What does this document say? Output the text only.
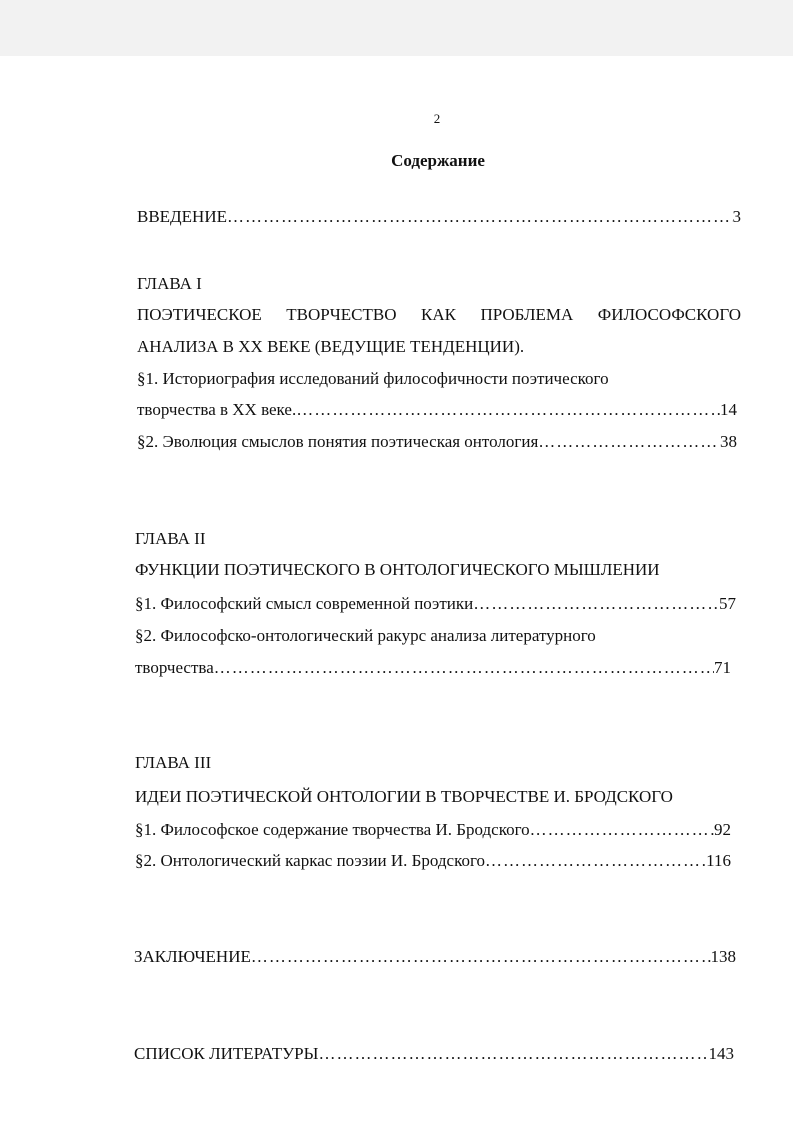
2
Содержание
ВВЕДЕНИЕ …………………………………………………………………………………………………………………………………………………………………………	3
ГЛАВА I
ПОЭТИЧЕСКОЕ ТВОРЧЕСТВО КАК ПРОБЛЕМА ФИЛОСОФСКОГО
АНАЛИЗА В XX ВЕКЕ (ВЕДУЩИЕ ТЕНДЕНЦИИ).
§1. Историография исследований философичности поэтического
творчества в XX веке. …………………………………………………………………………………………………………………………………………………………………………	14
§2. Эволюция смыслов понятия поэтическая онтология …………………………………………………………………………………………………………………………………………………………………………	38
ГЛАВА II
ФУНКЦИИ ПОЭТИЧЕСКОГО В ОНТОЛОГИЧЕСКОГО МЫШЛЕНИИ
§1. Философский смысл современной поэтики …………………………………………………………………………………………………………………………………………………………………………	57
§2. Философско-онтологический ракурс анализа литературного
творчества …………………………………………………………………………………………………………………………………………………………………………	71
ГЛАВА III
ИДЕИ ПОЭТИЧЕСКОЙ ОНТОЛОГИИ В ТВОРЧЕСТВЕ И. БРОДСКОГО
§1. Философское содержание творчества И. Бродского …………………………………………………………………………………………………………………………………………………………………………	92
§2. Онтологический каркас поэзии И. Бродского …………………………………………………………………………………………………………………………………………………………………………	116
ЗАКЛЮЧЕНИЕ …………………………………………………………………………………………………………………………………………………………………………	138
СПИСОК ЛИТЕРАТУРЫ …………………………………………………………………………………………………………………………………………………………………………	143
